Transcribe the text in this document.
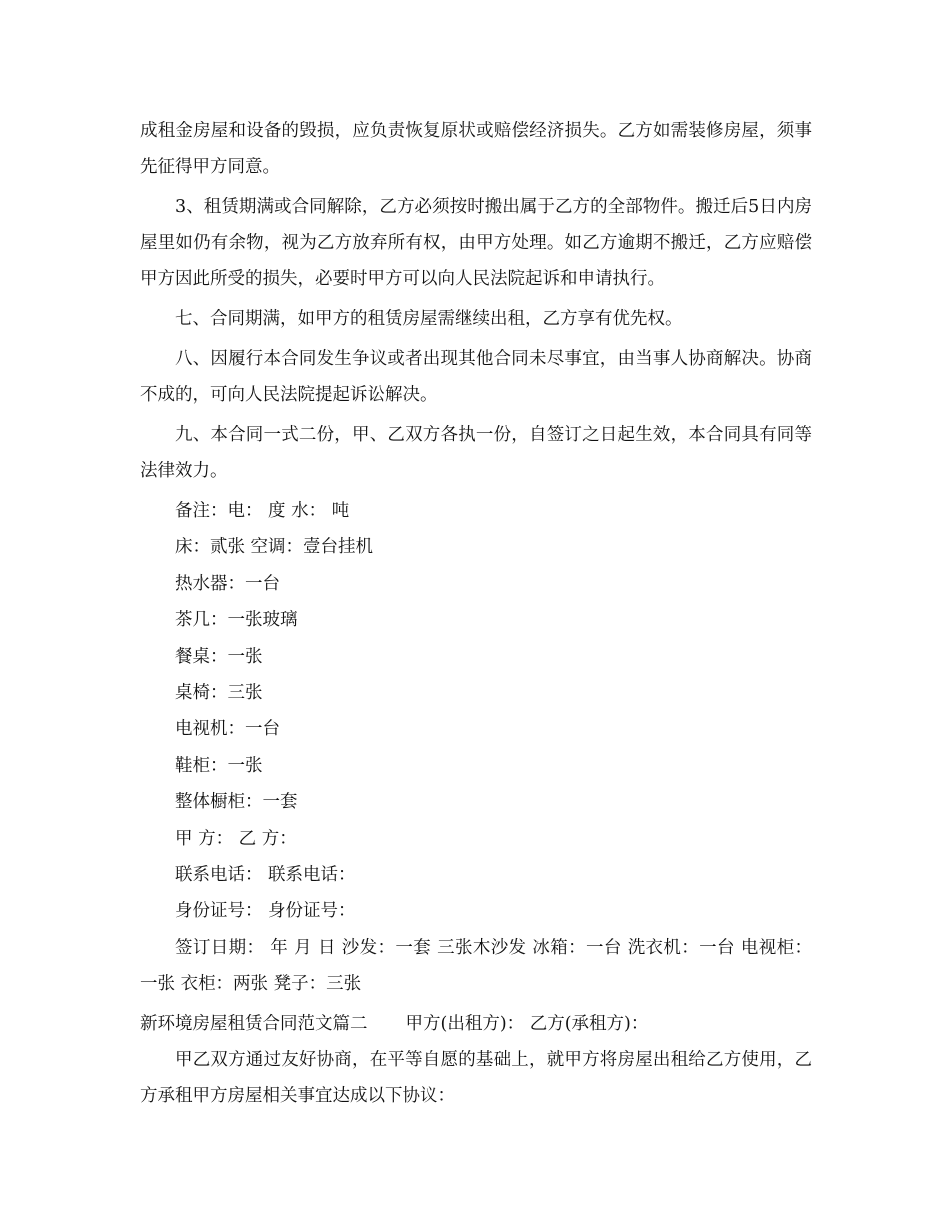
成租金房屋和设备的毁损，应负责恢复原状或赔偿经济损失。乙方如需装修房屋，须事先征得甲方同意。

3、租赁期满或合同解除，乙方必须按时搬出属于乙方的全部物件。搬迁后5日内房屋里如仍有余物，视为乙方放弃所有权，由甲方处理。如乙方逾期不搬迁，乙方应赔偿甲方因此所受的损失，必要时甲方可以向人民法院起诉和申请执行。

七、合同期满，如甲方的租赁房屋需继续出租，乙方享有优先权。

八、因履行本合同发生争议或者出现其他合同未尽事宜，由当事人协商解决。协商不成的，可向人民法院提起诉讼解决。

九、本合同一式二份，甲、乙双方各执一份，自签订之日起生效，本合同具有同等法律效力。

备注：电： 度 水： 吨

床：贰张 空调：壹台挂机

热水器：一台

茶几：一张玻璃

餐桌：一张

桌椅：三张

电视机：一台

鞋柜：一张

整体橱柜：一套

甲 方： 乙 方：

联系电话： 联系电话：

身份证号： 身份证号：

签订日期： 年 月 日 沙发：一套 三张木沙发 冰箱：一台 洗衣机：一台 电视柜：一张 衣柜：两张 凳子：三张

新环境房屋租赁合同范文篇二 甲方(出租方)： 乙方(承租方)：

甲乙双方通过友好协商，在平等自愿的基础上，就甲方将房屋出租给乙方使用，乙方承租甲方房屋相关事宜达成以下协议：
